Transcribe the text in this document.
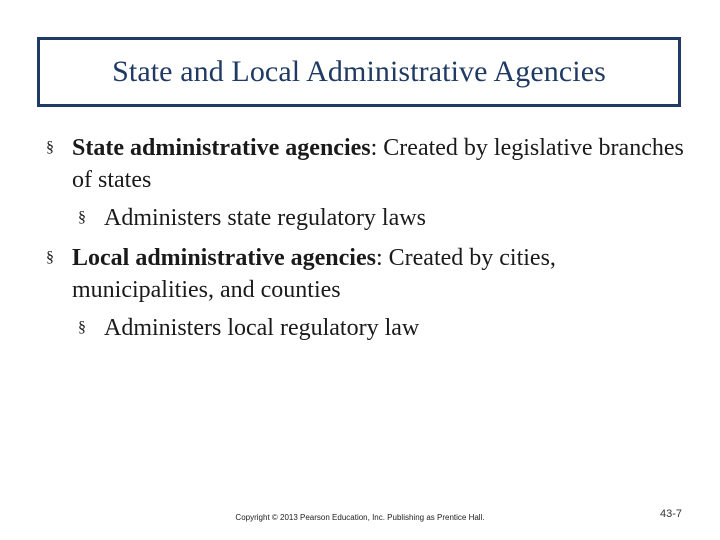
State and Local Administrative Agencies
§ State administrative agencies: Created by legislative branches of states
§ Administers state regulatory laws
§ Local administrative agencies: Created by cities, municipalities, and counties
§ Administers local regulatory law
Copyright © 2013 Pearson Education, Inc. Publishing as Prentice Hall.	43-7
